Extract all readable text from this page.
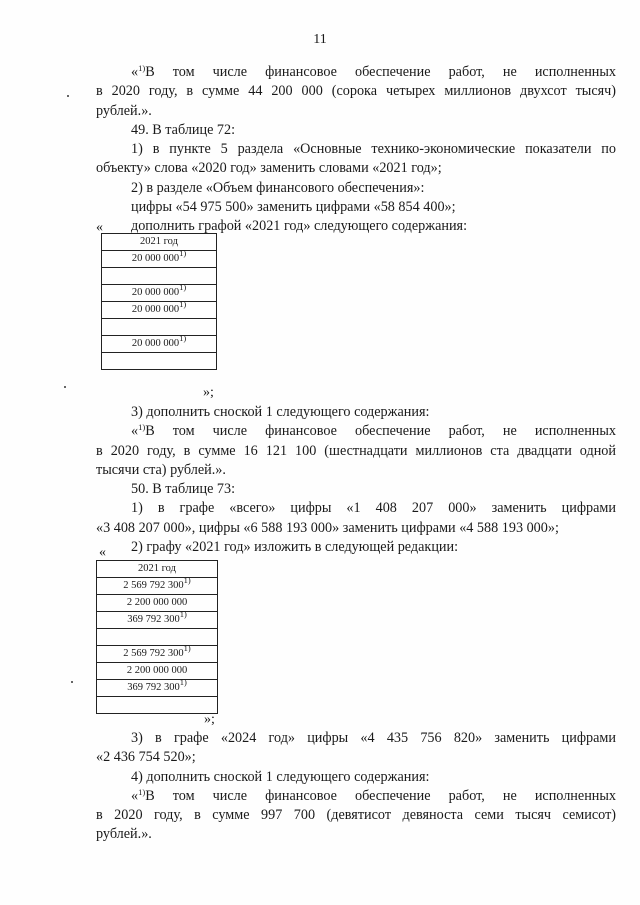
11

«$^{1)}$В том числе финансовое обеспечение работ, не исполненных

в 2020 году, в сумме 44 200 000 (сорока четырех миллионов двухсот тысяч)

рублей.».

49. В таблице 72:

1) в пункте 5 раздела «Основные технико-экономические показатели по

объекту» слова «2020 год» заменить словами «2021 год»;

2) в разделе «Объем финансового обеспечения»:

цифры «54 975 500» заменить цифрами «58 854 400»;

дополнить графой «2021 год» следующего содержания:

«
2021 год
20 000 000$^{1)}$

20 000 000$^{1)}$
20 000 000$^{1)}$

20 000 000$^{1)}$

»;

3) дополнить сноской 1 следующего содержания:

«$^{1)}$В том числе финансовое обеспечение работ, не исполненных

в 2020 году, в сумме 16 121 100 (шестнадцати миллионов ста двадцати одной

тысячи ста) рублей.».

50. В таблице 73:

1) в графе «всего» цифры «1 408 207 000» заменить цифрами

«3 408 207 000», цифры «6 588 193 000» заменить цифрами «4 588 193 000»;

2) графу «2021 год» изложить в следующей редакции:

«
2021 год
2 569 792 300$^{1)}$
2 200 000 000
369 792 300$^{1)}$

2 569 792 300$^{1)}$
2 200 000 000
369 792 300$^{1)}$

»;

3) в графе «2024 год» цифры «4 435 756 820» заменить цифрами

«2 436 754 520»;

4) дополнить сноской 1 следующего содержания:

«$^{1)}$В том числе финансовое обеспечение работ, не исполненных

в 2020 году, в сумме 997 700 (девятисот девяноста семи тысяч семисот)

рублей.».
